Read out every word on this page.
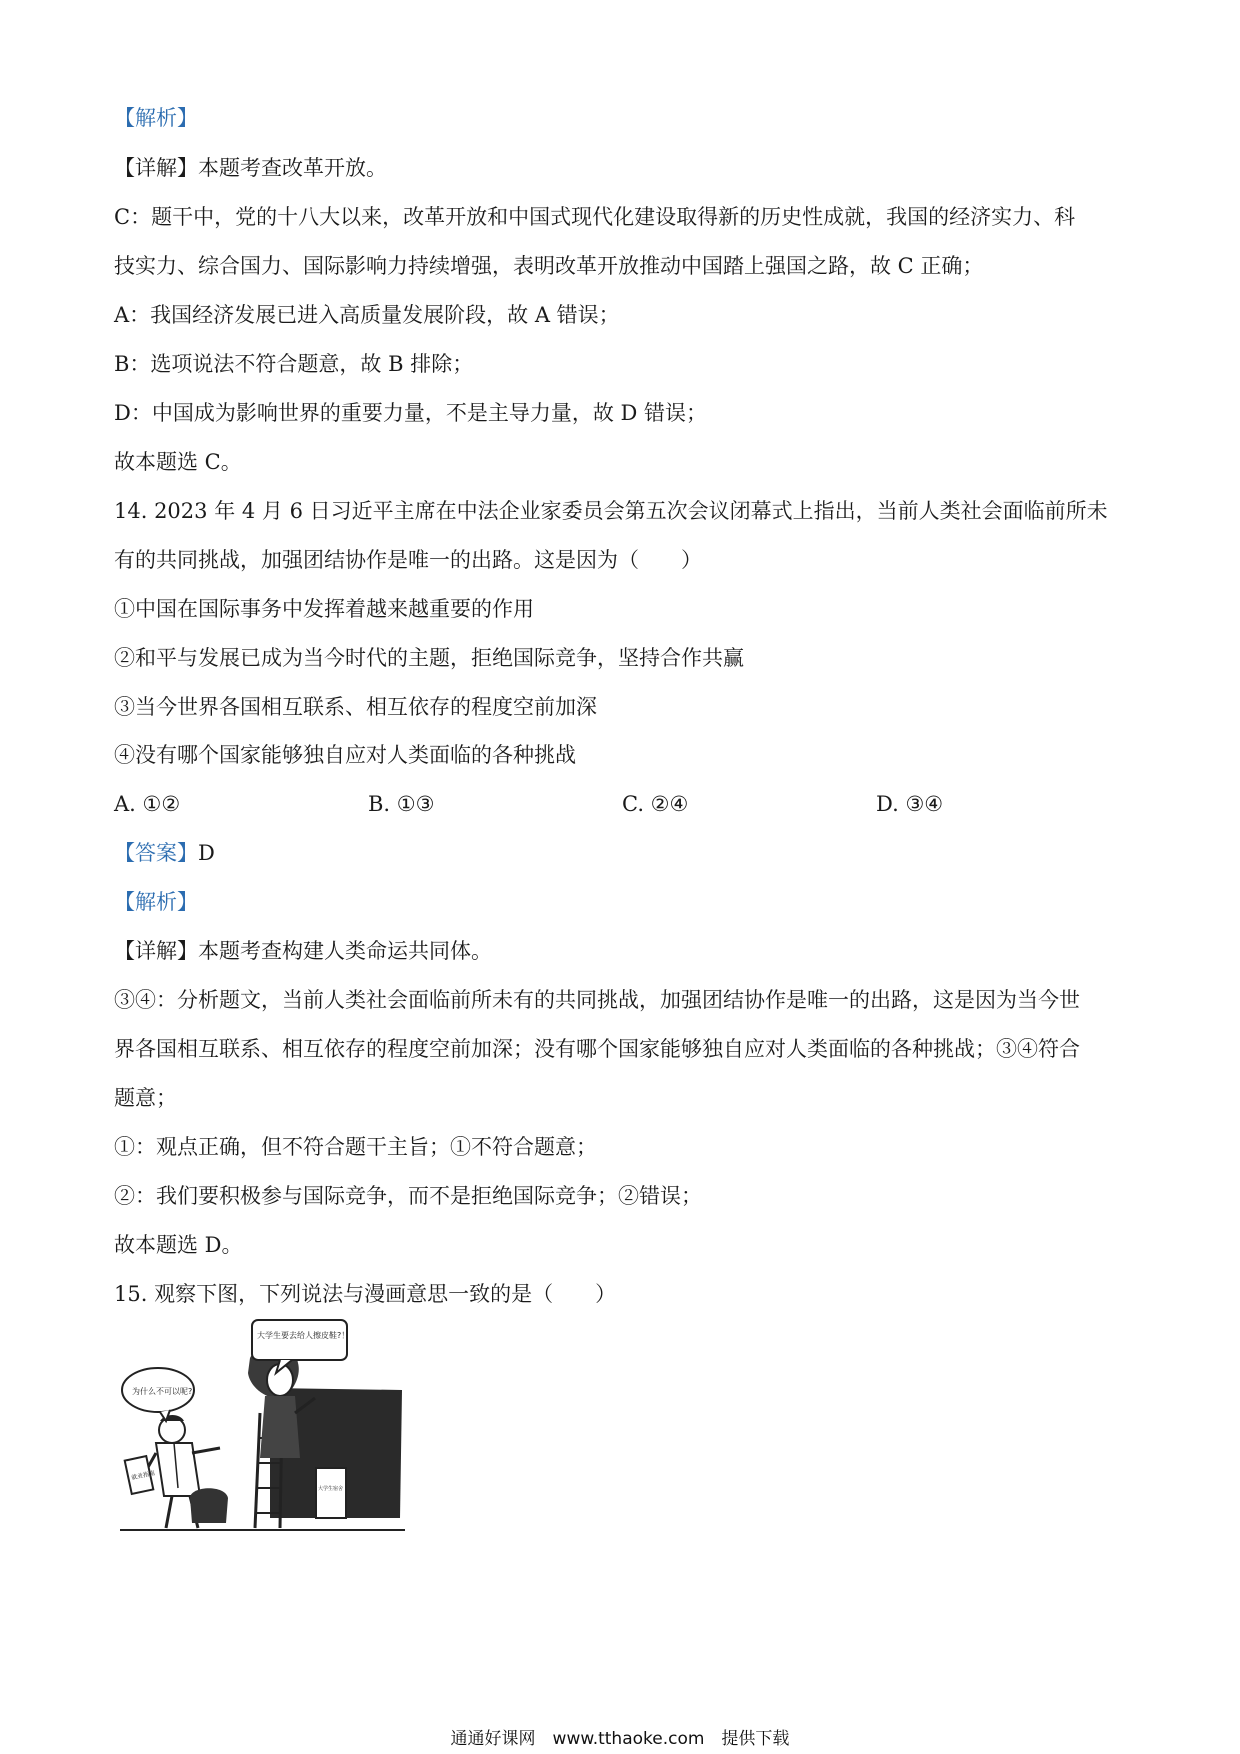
【解析】
【详解】本题考查改革开放。
C：题干中，党的十八大以来，改革开放和中国式现代化建设取得新的历史性成就，我国的经济实力、科
技实力、综合国力、国际影响力持续增强，表明改革开放推动中国踏上强国之路，故 C 正确；
A：我国经济发展已进入高质量发展阶段，故 A 错误；
B：选项说法不符合题意，故 B 排除；
D：中国成为影响世界的重要力量，不是主导力量，故 D 错误；
故本题选 C。
14. 2023 年 4 月 6 日习近平主席在中法企业家委员会第五次会议闭幕式上指出，当前人类社会面临前所未
有的共同挑战，加强团结协作是唯一的出路。这是因为（　　）
①中国在国际事务中发挥着越来越重要的作用
②和平与发展已成为当今时代的主题，拒绝国际竞争，坚持合作共赢
③当今世界各国相互联系、相互依存的程度空前加深
④没有哪个国家能够独自应对人类面临的各种挑战
A. ①②	B. ①③	C. ②④	D. ③④
【答案】D
【解析】
【详解】本题考查构建人类命运共同体。
③④：分析题文，当前人类社会面临前所未有的共同挑战，加强团结协作是唯一的出路，这是因为当今世
界各国相互联系、相互依存的程度空前加深；没有哪个国家能够独自应对人类面临的各种挑战；③④符合
题意；
①：观点正确，但不符合题干主旨；①不符合题意；
②：我们要积极参与国际竞争，而不是拒绝国际竞争；②错误；
故本题选 D。
15. 观察下图，下列说法与漫画意思一致的是（　　）
就业指南
大学生要去给人擦皮鞋?！
为什么不可以呢?
大学生宿舍
通通好课网　www.tthaoke.com　提供下载
